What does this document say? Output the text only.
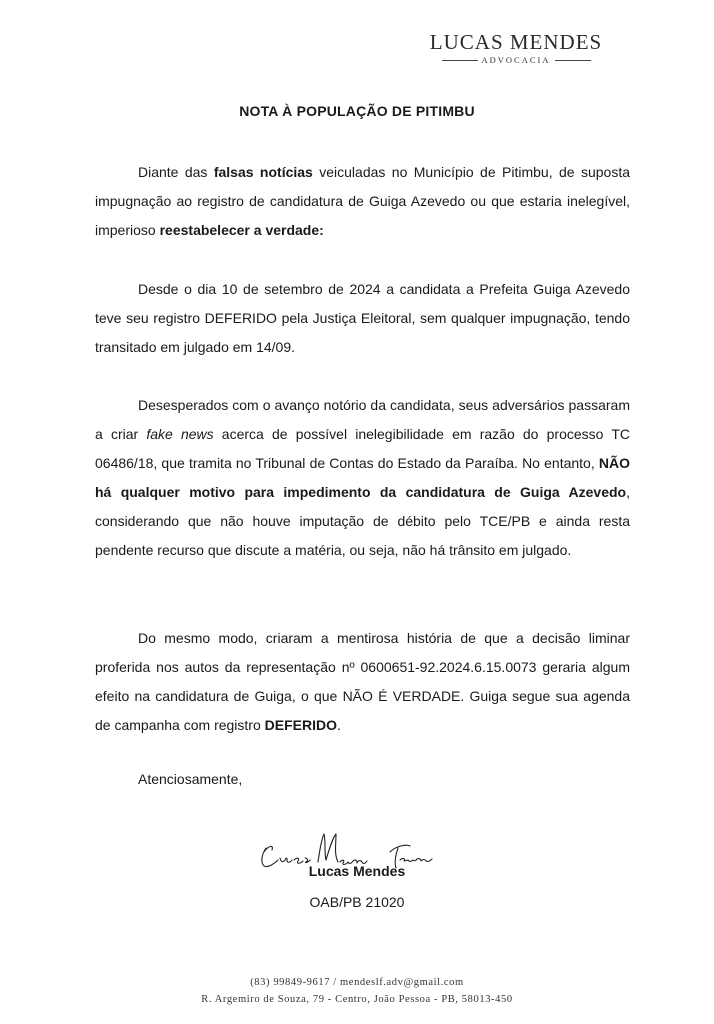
LUCAS MENDES
ADVOCACIA
NOTA À POPULAÇÃO DE PITIMBU

Diante das falsas notícias veiculadas no Município de Pitimbu, de suposta impugnação ao registro de candidatura de Guiga Azevedo ou que estaria inelegível, imperioso reestabelecer a verdade:

Desde o dia 10 de setembro de 2024 a candidata a Prefeita Guiga Azevedo teve seu registro DEFERIDO pela Justiça Eleitoral, sem qualquer impugnação, tendo transitado em julgado em 14/09.

Desesperados com o avanço notório da candidata, seus adversários passaram a criar fake news acerca de possível inelegibilidade em razão do processo TC 06486/18, que tramita no Tribunal de Contas do Estado da Paraíba. No entanto, NÃO há qualquer motivo para impedimento da candidatura de Guiga Azevedo, considerando que não houve imputação de débito pelo TCE/PB e ainda resta pendente recurso que discute a matéria, ou seja, não há trânsito em julgado.

Do mesmo modo, criaram a mentirosa história de que a decisão liminar proferida nos autos da representação nº 0600651-92.2024.6.15.0073 geraria algum efeito na candidatura de Guiga, o que NÃO É VERDADE. Guiga segue sua agenda de campanha com registro DEFERIDO.

Atenciosamente,
Lucas Mendes
OAB/PB 21020
(83) 99849-9617 / mendeslf.adv@gmail.com
R. Argemiro de Souza, 79 - Centro, João Pessoa - PB, 58013-450
